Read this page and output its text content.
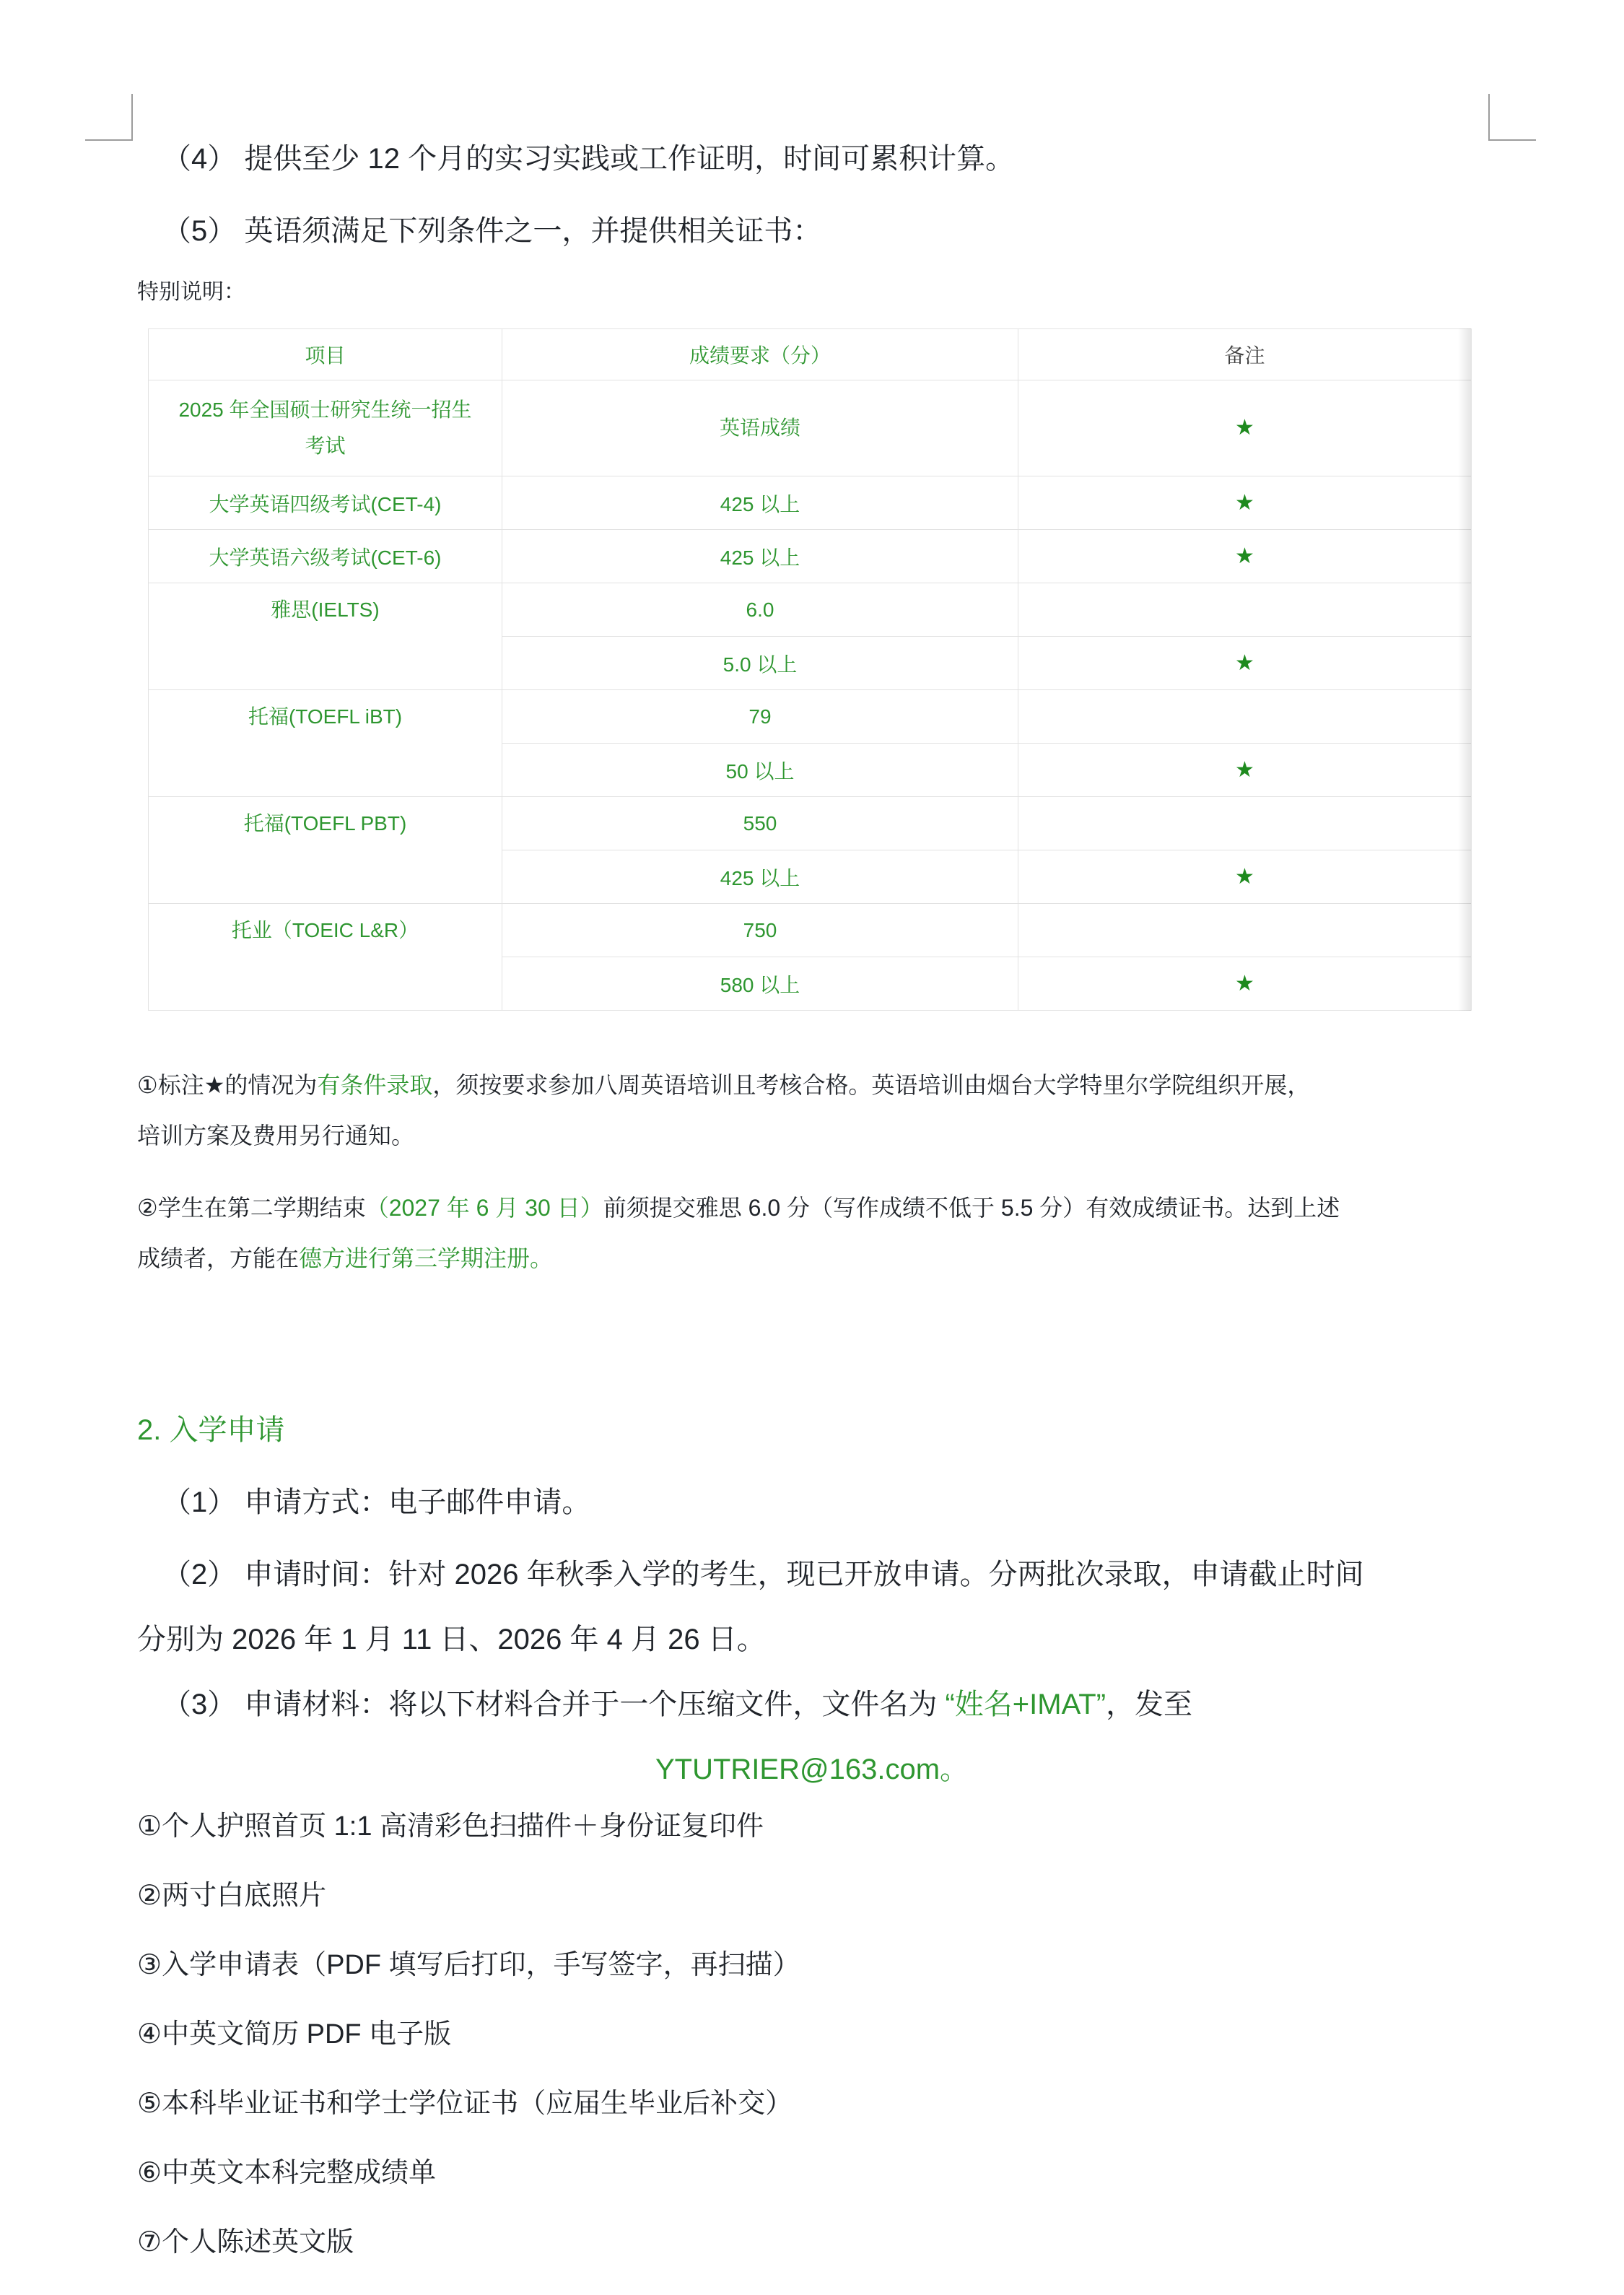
（4） 提供至少 12 个月的实习实践或工作证明，时间可累积计算。

（5） 英语须满足下列条件之一，并提供相关证书：

特别说明：
项目	成绩要求（分）	备注
2025 年全国硕士研究生统一招生考试	英语成绩	★
大学英语四级考试(CET-4)	425 以上	★
大学英语六级考试(CET-6)	425 以上	★
雅思(IELTS)	6.0	
	5.0 以上	★
托福(TOEFL iBT)	79	
	50 以上	★
托福(TOEFL PBT)	550	
	425 以上	★
托业（TOEIC L&R）	750	
	580 以上	★
①标注★的情况为有条件录取，须按要求参加八周英语培训且考核合格。英语培训由烟台大学特里尔学院组织开展，
培训方案及费用另行通知。
②学生在第二学期结束（2027 年 6 月 30 日）前须提交雅思 6.0 分（写作成绩不低于 5.5 分）有效成绩证书。达到上述
成绩者，方能在德方进行第三学期注册。
2. 入学申请

（1） 申请方式：电子邮件申请。

（2） 申请时间：针对 2026 年秋季入学的考生，现已开放申请。分两批次录取，申请截止时间

分别为 2026 年 1 月 11 日、2026 年 4 月 26 日。

（3） 申请材料：将以下材料合并于一个压缩文件，文件名为 “姓名+IMAT”，发至

YTUTRIER@163.com。

①个人护照首页 1:1 高清彩色扫描件＋身份证复印件
②两寸白底照片
③入学申请表（PDF 填写后打印，手写签字，再扫描）
④中英文简历 PDF 电子版
⑤本科毕业证书和学士学位证书（应届生毕业后补交）
⑥中英文本科完整成绩单
⑦个人陈述英文版
